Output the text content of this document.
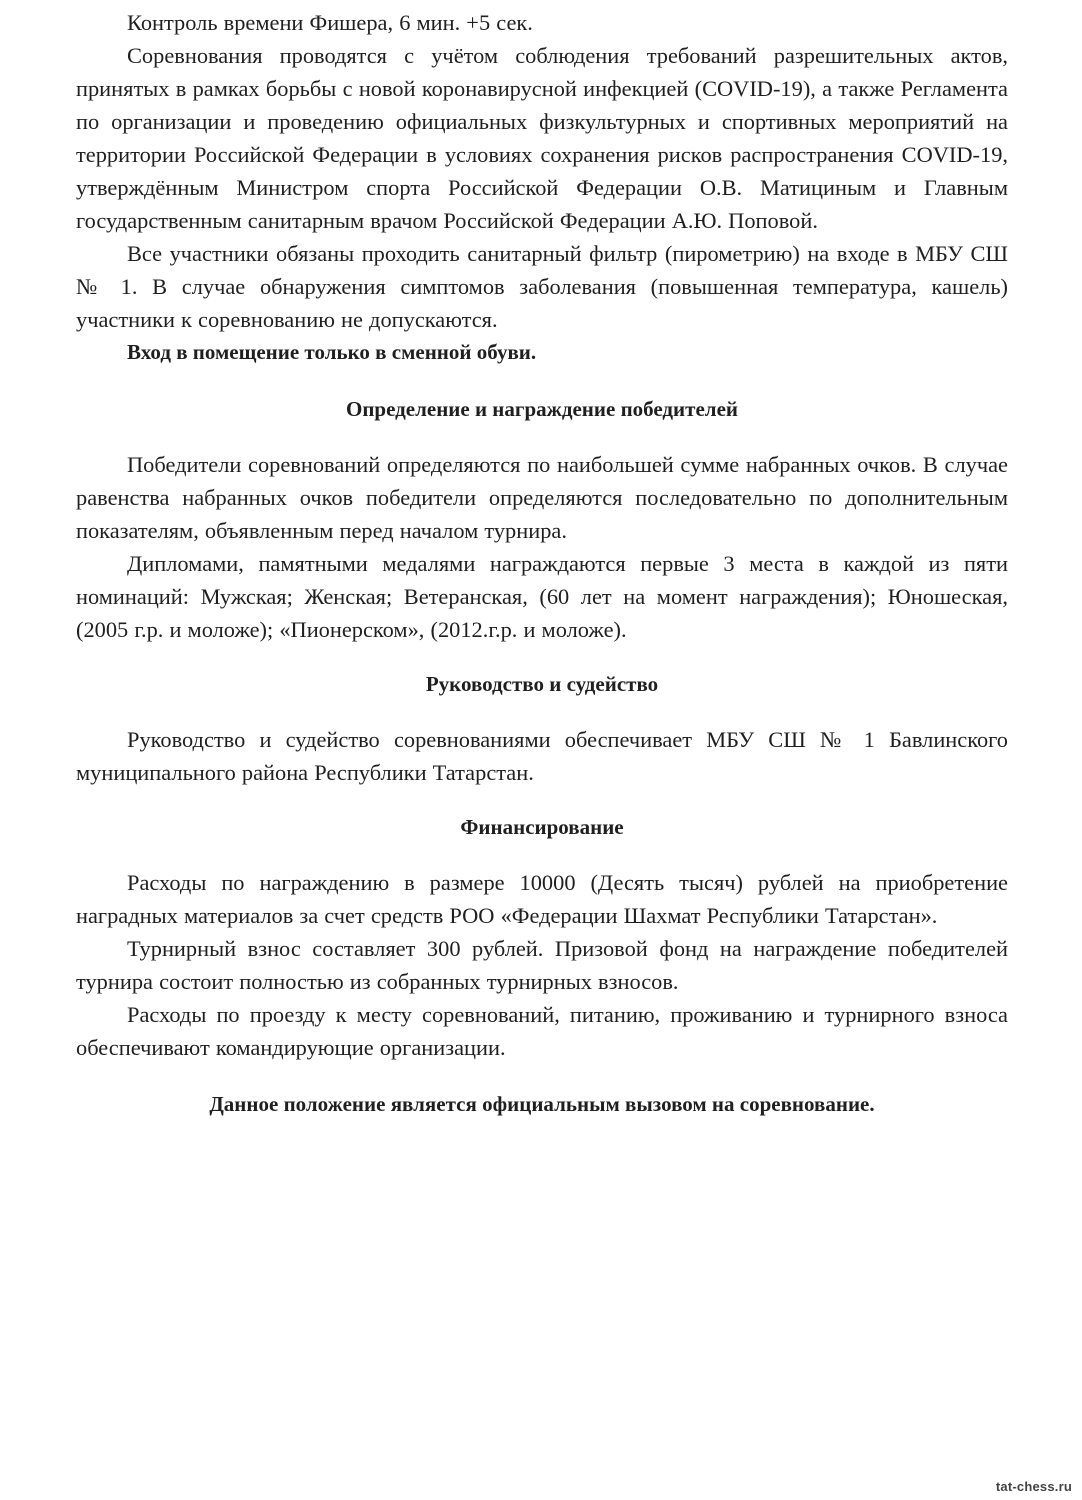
Контроль времени Фишера, 6 мин. +5 сек.

Соревнования проводятся с учётом соблюдения требований разрешительных актов, принятых в рамках борьбы с новой коронавирусной инфекцией (COVID-19), а также Регламента по организации и проведению официальных физкультурных и спортивных мероприятий на территории Российской Федерации в условиях сохранения рисков распространения COVID-19, утверждённым Министром спорта Российской Федерации О.В. Матициным и Главным государственным санитарным врачом Российской Федерации А.Ю. Поповой.

Все участники обязаны проходить санитарный фильтр (пирометрию) на входе в МБУ СШ № 1. В случае обнаружения симптомов заболевания (повышенная температура, кашель) участники к соревнованию не допускаются.

Вход в помещение только в сменной обуви.

Определение и награждение победителей

Победители соревнований определяются по наибольшей сумме набранных очков. В случае равенства набранных очков победители определяются последовательно по дополнительным показателям, объявленным перед началом турнира.

Дипломами, памятными медалями награждаются первые 3 места в каждой из пяти номинаций: Мужская; Женская; Ветеранская, (60 лет на момент награждения); Юношеская, (2005 г.р. и моложе); «Пионерском», (2012.г.р. и моложе).

Руководство и судейство

Руководство и судейство соревнованиями обеспечивает МБУ СШ № 1 Бавлинского муниципального района Республики Татарстан.

Финансирование

Расходы по награждению в размере 10000 (Десять тысяч) рублей на приобретение наградных материалов за счет средств РОО «Федерации Шахмат Республики Татарстан».

Турнирный взнос составляет 300 рублей. Призовой фонд на награждение победителей турнира состоит полностью из собранных турнирных взносов.

Расходы по проезду к месту соревнований, питанию, проживанию и турнирного взноса обеспечивают командирующие организации.

Данное положение является официальным вызовом на соревнование.

tat-chess.ru
